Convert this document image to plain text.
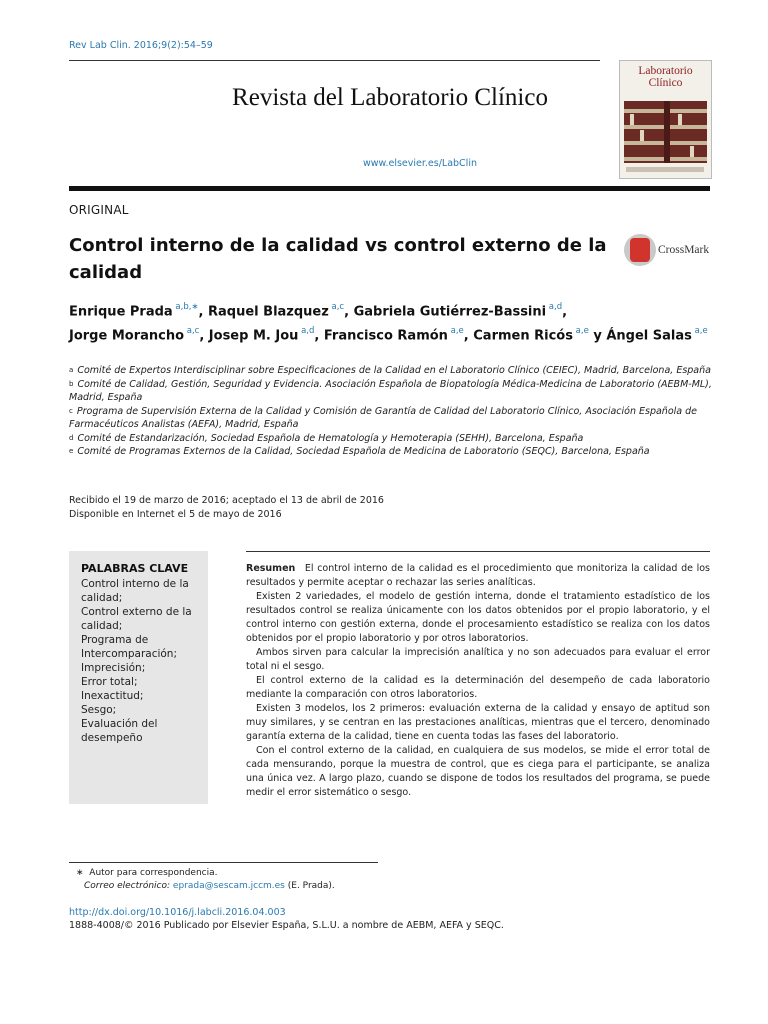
Rev Lab Clin. 2016;9(2):54–59
Revista del Laboratorio Clínico
www.elsevier.es/LabClin
Laboratorio Clínico
ORIGINAL
Control interno de la calidad vs control externo de la calidad
CrossMark
Enrique Prada $^{a,b,∗}$, Raquel Blazquez $^{a,c}$, Gabriela Gutiérrez-Bassini $^{a,d}$,
Jorge Morancho $^{a,c}$, Josep M. Jou $^{a,d}$, Francisco Ramón $^{a,e}$, Carmen Ricós $^{a,e}$ y Ángel Salas $^{a,e}$
$^a$ Comité de Expertos Interdisciplinar sobre Especificaciones de la Calidad en el Laboratorio Clínico (CEIEC), Madrid, Barcelona, España
$^b$ Comité de Calidad, Gestión, Seguridad y Evidencia. Asociación Española de Biopatología Médica-Medicina de Laboratorio (AEBM-ML), Madrid, España
$^c$ Programa de Supervisión Externa de la Calidad y Comisión de Garantía de Calidad del Laboratorio Clínico, Asociación Española de Farmacéuticos Analistas (AEFA), Madrid, España
$^d$ Comité de Estandarización, Sociedad Española de Hematología y Hemoterapia (SEHH), Barcelona, España
$^e$ Comité de Programas Externos de la Calidad, Sociedad Española de Medicina de Laboratorio (SEQC), Barcelona, España
Recibido el 19 de marzo de 2016; aceptado el 13 de abril de 2016
Disponible en Internet el 5 de mayo de 2016
PALABRAS CLAVE
Control interno de la calidad;
Control externo de la calidad;
Programa de Intercomparación;
Imprecisión;
Error total;
Inexactitud;
Sesgo;
Evaluación del desempeño

Resumen El control interno de la calidad es el procedimiento que monitoriza la calidad de los resultados y permite aceptar o rechazar las series analíticas.

Existen 2 variedades, el modelo de gestión interna, donde el tratamiento estadístico de los resultados control se realiza únicamente con los datos obtenidos por el propio laboratorio, y el control interno con gestión externa, donde el procesamiento estadístico se realiza con los datos obtenidos por el propio laboratorio y por otros laboratorios.

Ambos sirven para calcular la imprecisión analítica y no son adecuados para evaluar el error total ni el sesgo.

El control externo de la calidad es la determinación del desempeño de cada laboratorio mediante la comparación con otros laboratorios.

Existen 3 modelos, los 2 primeros: evaluación externa de la calidad y ensayo de aptitud son muy similares, y se centran en las prestaciones analíticas, mientras que el tercero, denominado garantía externa de la calidad, tiene en cuenta todas las fases del laboratorio.

Con el control externo de la calidad, en cualquiera de sus modelos, se mide el error total de cada mensurando, porque la muestra de control, que es ciega para el participante, se analiza una única vez. A largo plazo, cuando se dispone de todos los resultados del programa, se puede medir el error sistemático o sesgo.

∗ Autor para correspondencia.
Correo electrónico: eprada@sescam.jccm.es (E. Prada).
http://dx.doi.org/10.1016/j.labcli.2016.04.003
1888-4008/© 2016 Publicado por Elsevier España, S.L.U. a nombre de AEBM, AEFA y SEQC.
